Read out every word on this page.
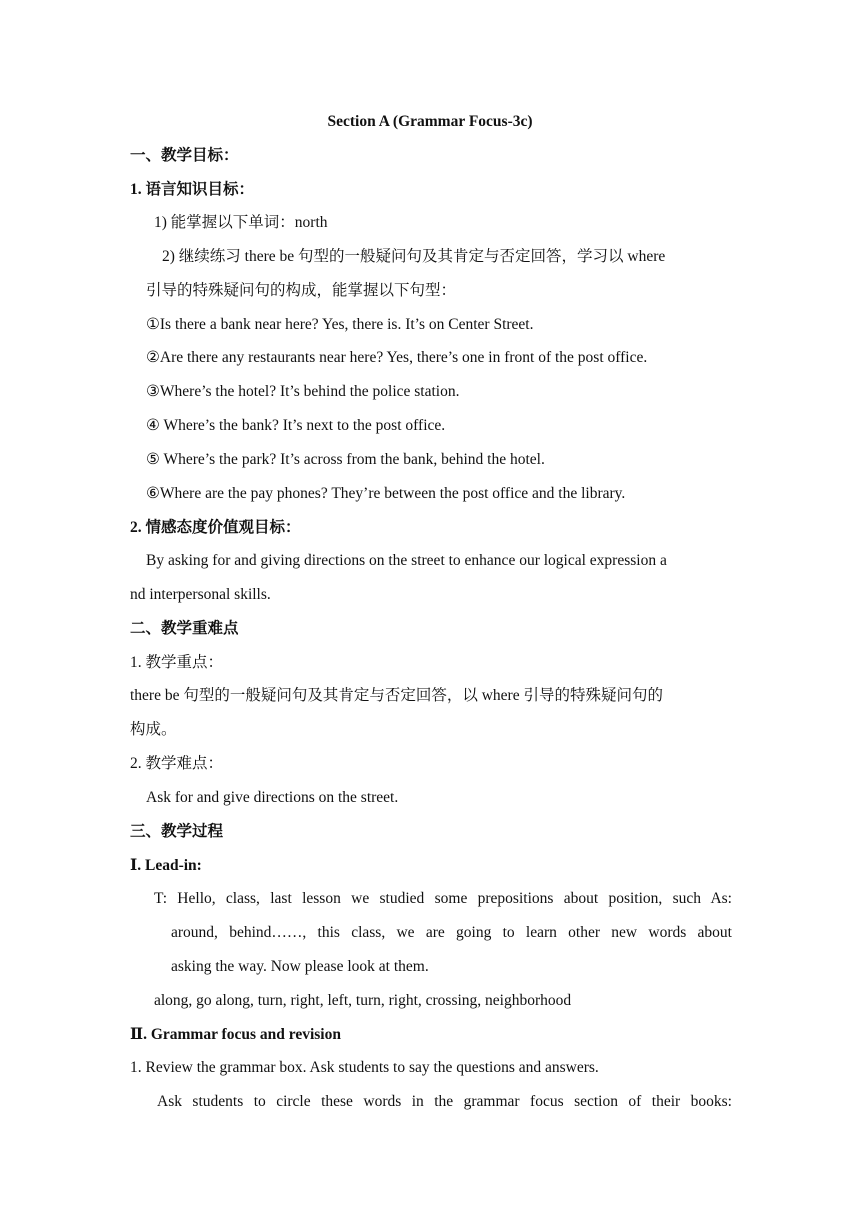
Section A (Grammar Focus-3c)
一、教学目标：
1. 语言知识目标：
1) 能掌握以下单词：north
2) 继续练习 there be 句型的一般疑问句及其肯定与否定回答，学习以 where
引导的特殊疑问句的构成，能掌握以下句型：
①Is there a bank near here? Yes, there is. It’s on Center Street.
②Are there any restaurants near here? Yes, there’s one in front of the post office.
③Where’s the hotel? It’s behind the police station.
④ Where’s the bank? It’s next to the post office.
⑤ Where’s the park? It’s across from the bank, behind the hotel.
⑥Where are the pay phones? They’re between the post office and the library.
2. 情感态度价值观目标：
By asking for and giving directions on the street to enhance our logical expression a
nd interpersonal skills.
二、教学重难点
1. 教学重点：
there be 句型的一般疑问句及其肯定与否定回答，以 where 引导的特殊疑问句的
构成。
2. 教学难点：
Ask for and give directions on the street.
三、教学过程
Ⅰ. Lead-in:
T: Hello, class, last lesson we studied some prepositions about position, such As:
around, behind……, this class, we are going to learn other new words about
asking the way. Now please look at them.
along, go along, turn, right, left, turn, right, crossing, neighborhood
Ⅱ. Grammar focus and revision
1. Review the grammar box. Ask students to say the questions and answers.
Ask students to circle these words in the grammar focus section of their books:
